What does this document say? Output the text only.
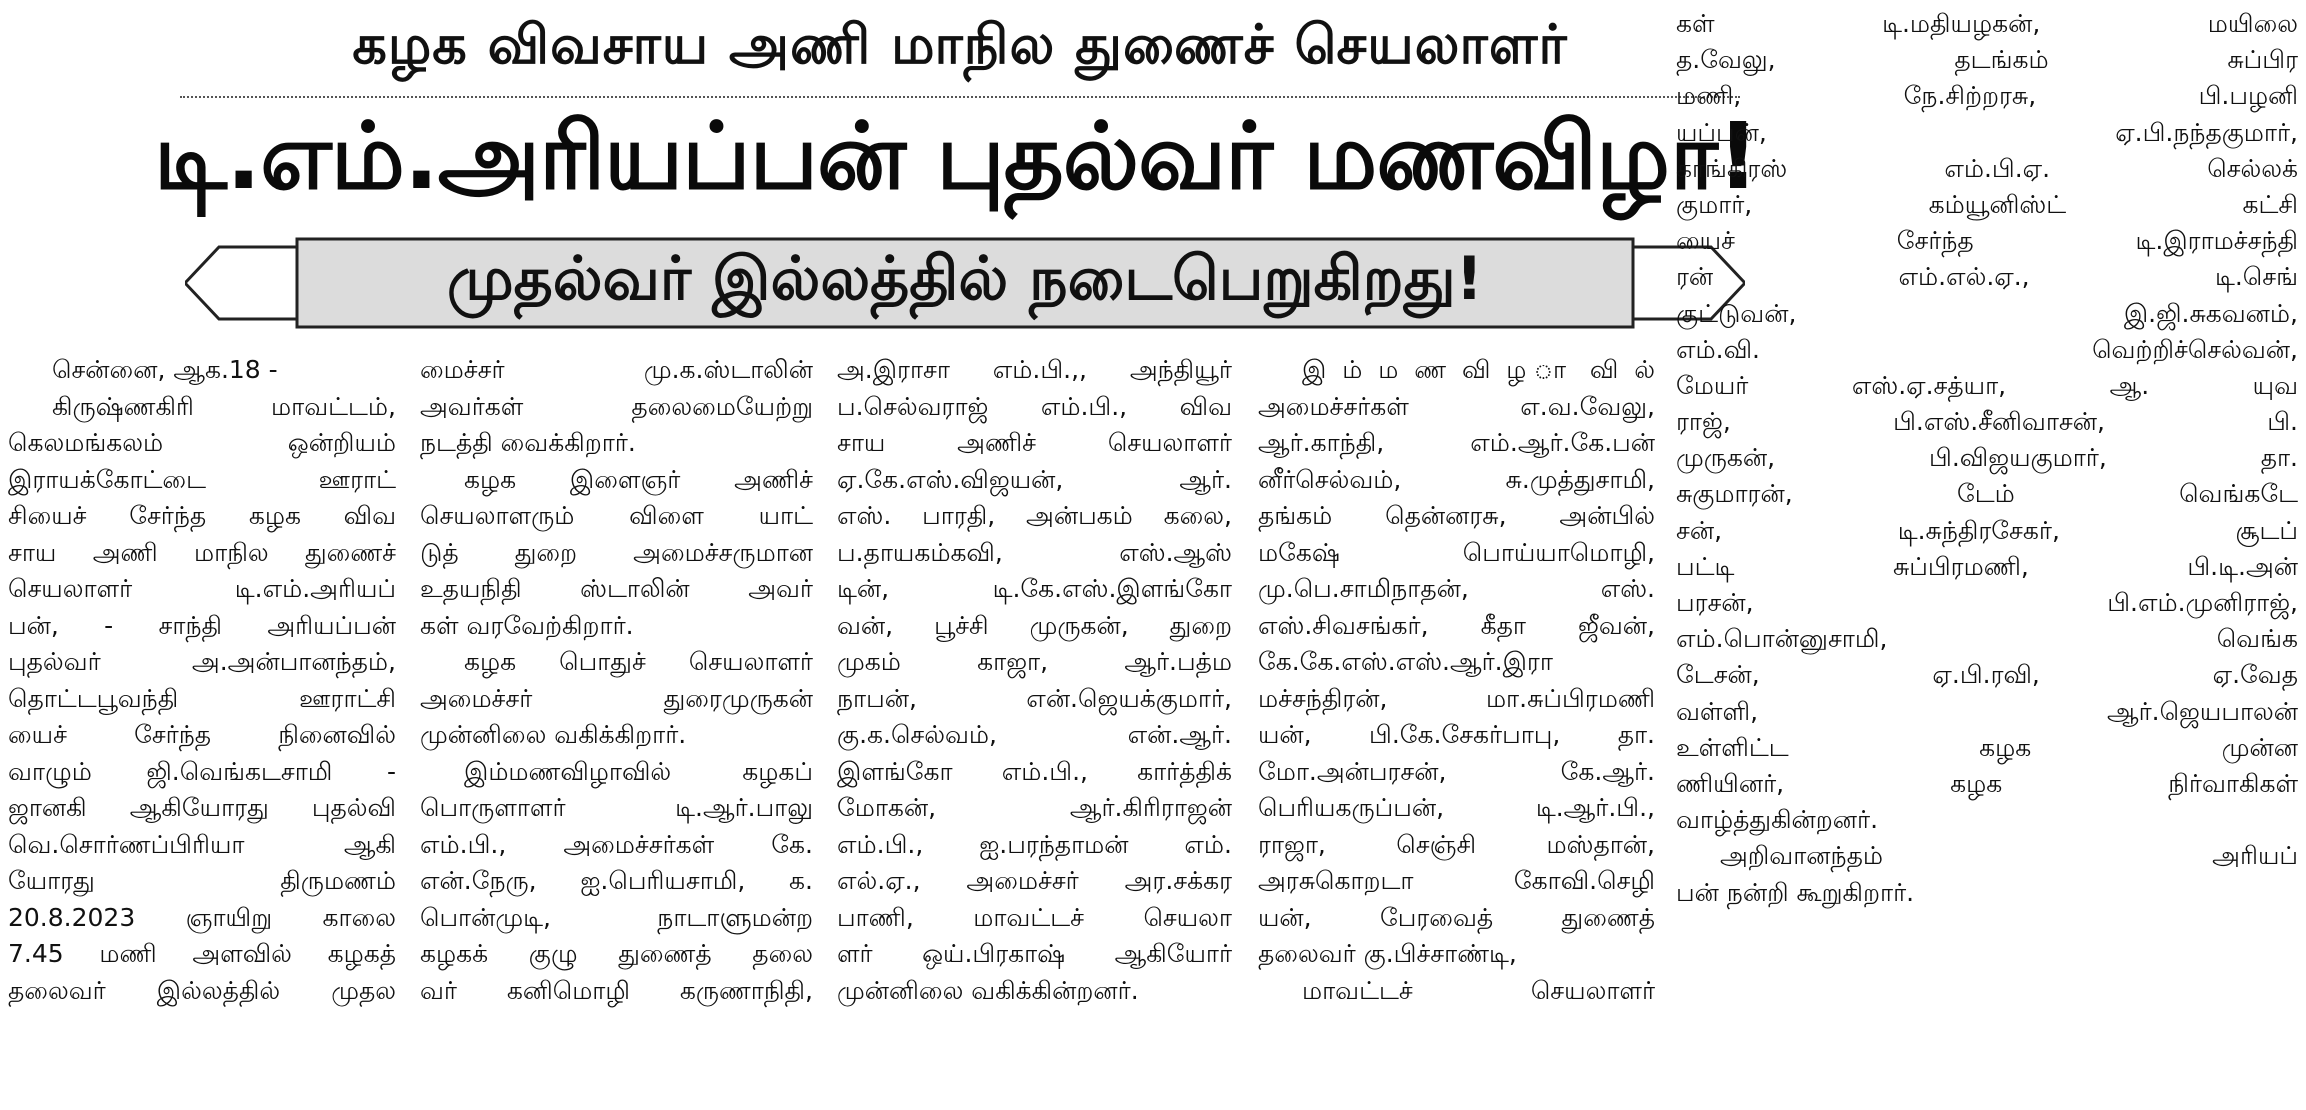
கழக விவசாய அணி மாநில துணைச் செயலாளர்
டி.எம்.அரியப்பன் புதல்வர் மணவிழா!
முதல்வர் இல்லத்தில் நடைபெறுகிறது!
சென்னை, ஆக.18 -
கிருஷ்ணகிரி மாவட்டம்,
கெலமங்கலம் ஒன்றியம்
இராயக்கோட்டை ஊராட்
சியைச் சேர்ந்த கழக விவ
சாய அணி மாநில துணைச்
செயலாளர் டி.எம்.அரியப்
பன், - சாந்தி அரியப்பன்
புதல்வர் அ.அன்பானந்தம்,
தொட்டபூவந்தி ஊராட்சி
யைச் சேர்ந்த நினைவில்
வாழும் ஜி.வெங்கடசாமி -
ஜானகி ஆகியோரது புதல்வி
வெ.சொர்ணப்பிரியா ஆகி
யோரது திருமணம்
20.8.2023 ஞாயிறு காலை
7.45 மணி அளவில் கழகத்
தலைவர் இல்லத்தில் முதல
மைச்சர் மு.க.ஸ்டாலின்
அவர்கள் தலைமையேற்று
நடத்தி வைக்கிறார்.
கழக இளைஞர் அணிச்
செயலாளரும் விளை யாட்
டுத் துறை அமைச்சருமான
உதயநிதி ஸ்டாலின் அவர்
கள் வரவேற்கிறார்.
கழக பொதுச் செயலாளர்
அமைச்சர் துரைமுருகன்
முன்னிலை வகிக்கிறார்.
இம்மணவிழாவில் கழகப்
பொருளாளர் டி.ஆர்.பாலு
எம்.பி., அமைச்சர்கள் கே.
என்.நேரு, ஐ.பெரியசாமி, க.
பொன்முடி, நாடாளுமன்ற
கழகக் குழு துணைத் தலை
வர் கனிமொழி கருணாநிதி,
அ.இராசா எம்.பி.,, அந்தியூர்
ப.செல்வராஜ் எம்.பி., விவ
சாய அணிச் செயலாளர்
ஏ.கே.எஸ்.விஜயன், ஆர்.
எஸ். பாரதி, அன்பகம் கலை,
ப.தாயகம்கவி, எஸ்.ஆஸ்
டின், டி.கே.எஸ்.இளங்கோ
வன், பூச்சி முருகன், துறை
முகம் காஜா, ஆர்.பத்ம
நாபன், என்.ஜெயக்குமார்,
கு.க.செல்வம், என்.ஆர்.
இளங்கோ எம்.பி., கார்த்திக்
மோகன், ஆர்.கிரிராஜன்
எம்.பி., ஐ.பரந்தாமன் எம்.
எல்.ஏ., அமைச்சர் அர.சக்கர
பாணி, மாவட்டச் செயலா
ளர் ஒய்.பிரகாஷ் ஆகியோர்
முன்னிலை வகிக்கின்றனர்.
இ ம் ம ண வி ழ ா வி ல்
அமைச்சர்கள் எ.வ.வேலு,
ஆர்.காந்தி, எம்.ஆர்.கே.பன்
னீர்செல்வம், சு.முத்துசாமி,
தங்கம் தென்னரசு, அன்பில்
மகேஷ் பொய்யாமொழி,
மு.பெ.சாமிநாதன், எஸ்.
எஸ்.சிவசங்கர், கீதா ஜீவன்,
கே.கே.எஸ்.எஸ்.ஆர்.இரா
மச்சந்திரன், மா.சுப்பிரமணி
யன், பி.கே.சேகர்பாபு, தா.
மோ.அன்பரசன், கே.ஆர்.
பெரியகருப்பன், டி.ஆர்.பி.,
ராஜா, செஞ்சி மஸ்தான்,
அரசுகொறடா கோவி.செழி
யன், பேரவைத் துணைத்
தலைவர் கு.பிச்சாண்டி,
மாவட்டச் செயலாளர்
கள் டி.மதியழகன், மயிலை
த.வேலு, தடங்கம் சுப்பிர
மணி, நே.சிற்றரசு, பி.பழனி
யப்பன், ஏ.பி.நந்தகுமார்,
காங்கிரஸ் எம்.பி.ஏ. செல்லக்
குமார், கம்யூனிஸ்ட் கட்சி
யைச் சேர்ந்த டி.இராமச்சந்தி
ரன் எம்.எல்.ஏ., டி.செங்
குட்டுவன், இ.ஜி.சுகவனம்,
எம்.வி. வெற்றிச்செல்வன்,
மேயர் எஸ்.ஏ.சத்யா, ஆ. யுவ
ராஜ், பி.எஸ்.சீனிவாசன், பி.
முருகன், பி.விஜயகுமார், தா.
சுகுமாரன், டேம் வெங்கடே
சன், டி.சுந்திரசேகர், சூடப்
பட்டி சுப்பிரமணி, பி.டி.அன்
பரசன், பி.எம்.முனிராஜ்,
எம்.பொன்னுசாமி, வெங்க
டேசன், ஏ.பி.ரவி, ஏ.வேத
வள்ளி, ஆர்.ஜெயபாலன்
உள்ளிட்ட கழக முன்ன
ணியினர், கழக நிர்வாகிகள்
வாழ்த்துகின்றனர்.
அறிவானந்தம் அரியப்
பன் நன்றி கூறுகிறார்.
